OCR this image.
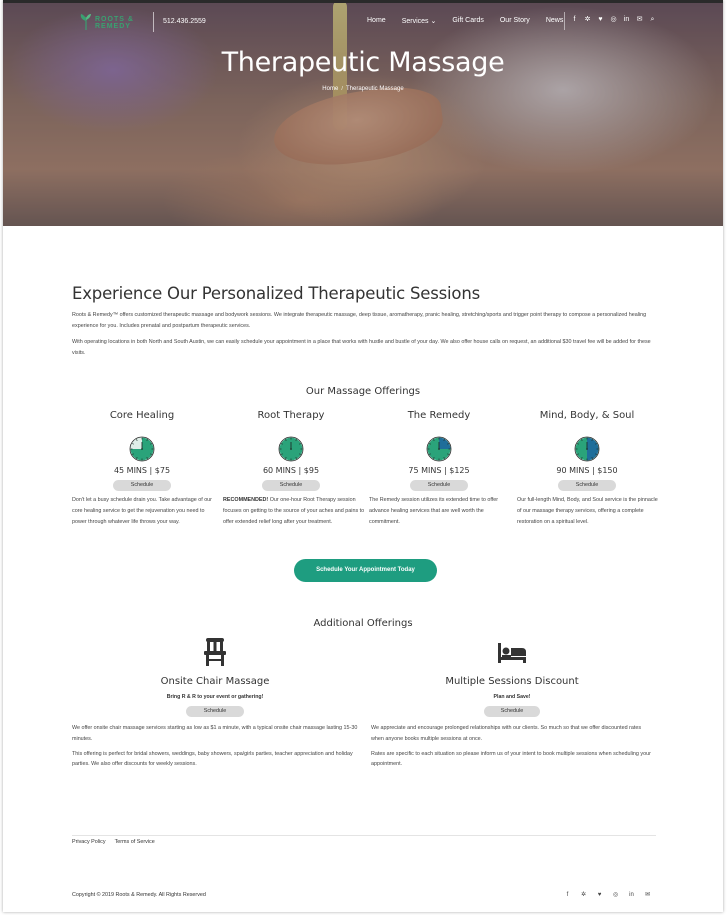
ROOTS &
REMEDY
512.436.2559	Home Services ⌄ Gift Cards Our Story News	f	✲ ♥ ◎ in ✉ ⌕
Therapeutic Massage
Home / Therapeutic Massage
Experience Our Personalized Therapeutic Sessions

Roots & Remedy™ offers customized therapeutic massage and bodywork sessions. We integrate therapeutic massage, deep tissue, aromatherapy, pranic healing, stretching/sports and trigger point therapy to compose a personalized healing experience for you. Includes prenatal and postpartum therapeutic services.

With operating locations in both North and South Austin, we can easily schedule your appointment in a place that works with hustle and bustle of your day. We also offer house calls on request, an additional $30 travel fee will be added for these visits.

Our Massage Offerings
Core Healing
45 MINS | $75
Schedule
Don't let a busy schedule drain you. Take advantage of our core healing service to get the rejuvenation you need to power through whatever life throws your way.
Root Therapy
60 MINS | $95
Schedule
RECOMMENDED! Our one-hour Root Therapy session focuses on getting to the source of your aches and pains to offer extended relief long after your treatment.
The Remedy
75 MINS | $125
Schedule
The Remedy session utilizes its extended time to offer advance healing services that are well worth the commitment.
Mind, Body, & Soul
90 MINS | $150
Schedule
Our full-length Mind, Body, and Soul service is the pinnacle of our massage therapy services, offering a complete restoration on a spiritual level.
Schedule Your Appointment Today
Additional Offerings
Onsite Chair Massage
Bring R & R to your event or gathering!
Schedule
We offer onsite chair massage services starting as low as $1 a minute, with a typical onsite chair massage lasting 15-30 minutes.
This offering is perfect for bridal showers, weddings, baby showers, spa/girls parties, teacher appreciation and holiday parties. We also offer discounts for weekly sessions.
Multiple Sessions Discount
Plan and Save!
Schedule
We appreciate and encourage prolonged relationships with our clients. So much so that we offer discounted rates when anyone books multiple sessions at once.
Rates are specific to each situation so please inform us of your intent to book multiple sessions when scheduling your appointment.
Privacy Policy Terms of Service
Copyright © 2019 Roots & Remedy. All Rights Reserved	f	✲ ♥ ◎ in ✉
